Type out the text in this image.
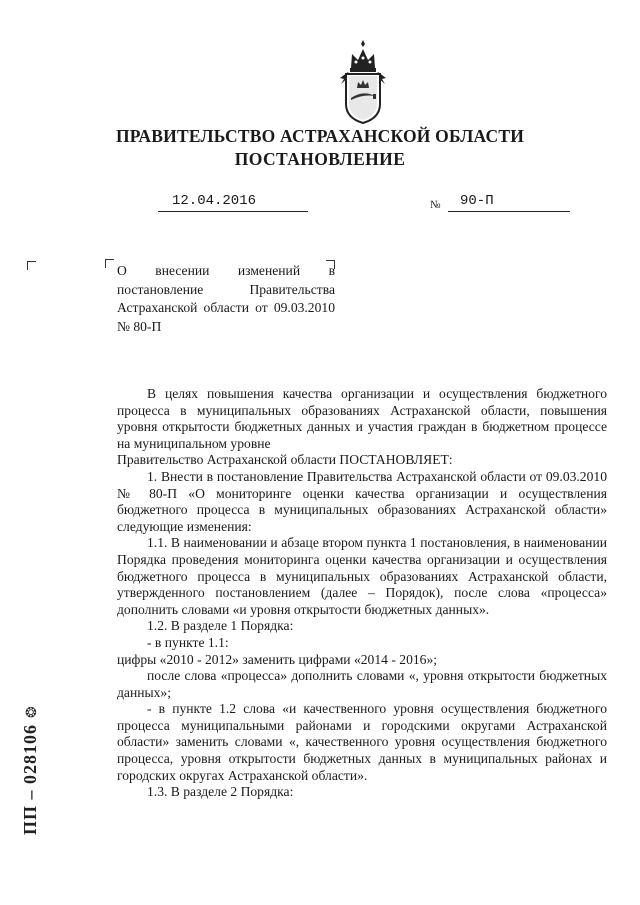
ПРАВИТЕЛЬСТВО АСТРАХАНСКОЙ ОБЛАСТИ
ПОСТАНОВЛЕНИЕ
12.04.2016	№ 90-П
О внесении изменений в постановление Правительства Астраханской области от 09.03.2010 № 80-П

В целях повышения качества организации и осуществления бюджетного процесса в муниципальных образованиях Астраханской области, повышения уровня открытости бюджетных данных и участия граждан в бюджетном процессе на муниципальном уровне

Правительство Астраханской области ПОСТАНОВЛЯЕТ:

1. Внести в постановление Правительства Астраханской области от 09.03.2010 № 80-П «О мониторинге оценки качества организации и осуществления бюджетного процесса в муниципальных образованиях Астраханской области» следующие изменения:

1.1. В наименовании и абзаце втором пункта 1 постановления, в наименовании Порядка проведения мониторинга оценки качества организации и осуществления бюджетного процесса в муниципальных образованиях Астраханской области, утвержденного постановлением (далее – Порядок), после слова «процесса» дополнить словами «и уровня открытости бюджетных данных».

1.2. В разделе 1 Порядка:

- в пункте 1.1:

цифры «2010 - 2012» заменить цифрами «2014 - 2016»;

после слова «процесса» дополнить словами «, уровня открытости бюджетных данных»;

- в пункте 1.2 слова «и качественного уровня осуществления бюджетного процесса муниципальными районами и городскими округами Астраханской области» заменить словами «, качественного уровня осуществления бюджетного процесса, уровня открытости бюджетных данных в муниципальных районах и городских округах Астраханской области».

1.3. В разделе 2 Порядка:

ПП – 028106❂
